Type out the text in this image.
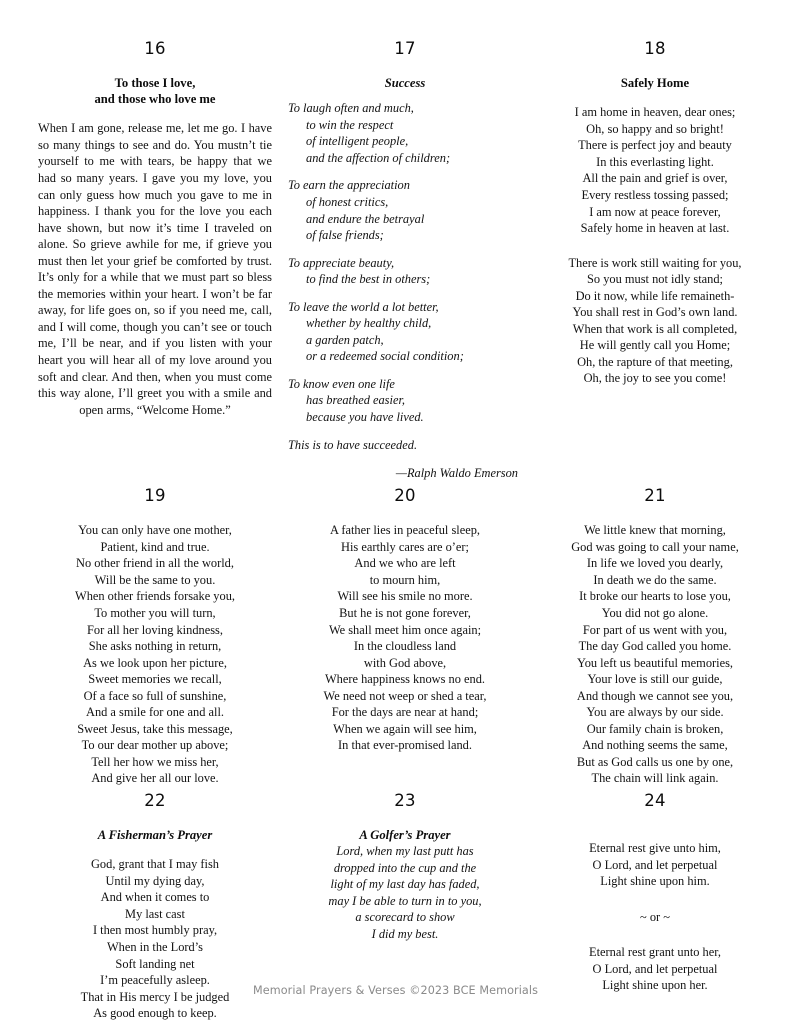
16
To those I love,
and those who love me
When I am gone, release me, let me go. I have so many things to see and do. You mustn’t tie yourself to me with tears, be happy that we had so many years. I gave you my love, you can only guess how much you gave to me in happiness. I thank you for the love you each have shown, but now it’s time I traveled on alone. So grieve awhile for me, if grieve you must then let your grief be comforted by trust. It’s only for a while that we must part so bless the memories within your heart. I won’t be far away, for life goes on, so if you need me, call, and I will come, though you can’t see or touch me, I’ll be near, and if you listen with your heart you will hear all of my love around you soft and clear. And then, when you must come this way alone, I’ll greet you with a smile and open arms, “Welcome Home.”
17
Success
To laugh often and much,
to win the respect
of intelligent people,
and the affection of children;
To earn the appreciation
of honest critics,
and endure the betrayal
of false friends;
To appreciate beauty,
to find the best in others;
To leave the world a lot better,
whether by healthy child,
a garden patch,
or a redeemed social condition;
To know even one life
has breathed easier,
because you have lived.
This is to have succeeded.
—Ralph Waldo Emerson
18
Safely Home
I am home in heaven, dear ones;
Oh, so happy and so bright!
There is perfect joy and beauty
In this everlasting light.
All the pain and grief is over,
Every restless tossing passed;
I am now at peace forever,
Safely home in heaven at last.
There is work still waiting for you,
So you must not idly stand;
Do it now, while life remaineth-
You shall rest in God’s own land.
When that work is all completed,
He will gently call you Home;
Oh, the rapture of that meeting,
Oh, the joy to see you come!
19
You can only have one mother,
Patient, kind and true.
No other friend in all the world,
Will be the same to you.
When other friends forsake you,
To mother you will turn,
For all her loving kindness,
She asks nothing in return,
As we look upon her picture,
Sweet memories we recall,
Of a face so full of sunshine,
And a smile for one and all.
Sweet Jesus, take this message,
To our dear mother up above;
Tell her how we miss her,
And give her all our love.
20
A father lies in peaceful sleep,
His earthly cares are o’er;
And we who are left
to mourn him,
Will see his smile no more.
But he is not gone forever,
We shall meet him once again;
In the cloudless land
with God above,
Where happiness knows no end.
We need not weep or shed a tear,
For the days are near at hand;
When we again will see him,
In that ever-promised land.
21
We little knew that morning,
God was going to call your name,
In life we loved you dearly,
In death we do the same.
It broke our hearts to lose you,
You did not go alone.
For part of us went with you,
The day God called you home.
You left us beautiful memories,
Your love is still our guide,
And though we cannot see you,
You are always by our side.
Our family chain is broken,
And nothing seems the same,
But as God calls us one by one,
The chain will link again.
22
A Fisherman’s Prayer
God, grant that I may fish
Until my dying day,
And when it comes to
My last cast
I then most humbly pray,
When in the Lord’s
Soft landing net
I’m peacefully asleep.
That in His mercy I be judged
As good enough to keep.
23
A Golfer’s Prayer
Lord, when my last putt has
dropped into the cup and the
light of my last day has faded,
may I be able to turn in to you,
a scorecard to show
I did my best.
24
Eternal rest give unto him,
O Lord, and let perpetual
Light shine upon him.
~ or ~
Eternal rest grant unto her,
O Lord, and let perpetual
Light shine upon her.
Memorial Prayers & Verses ©2023 BCE Memorials
